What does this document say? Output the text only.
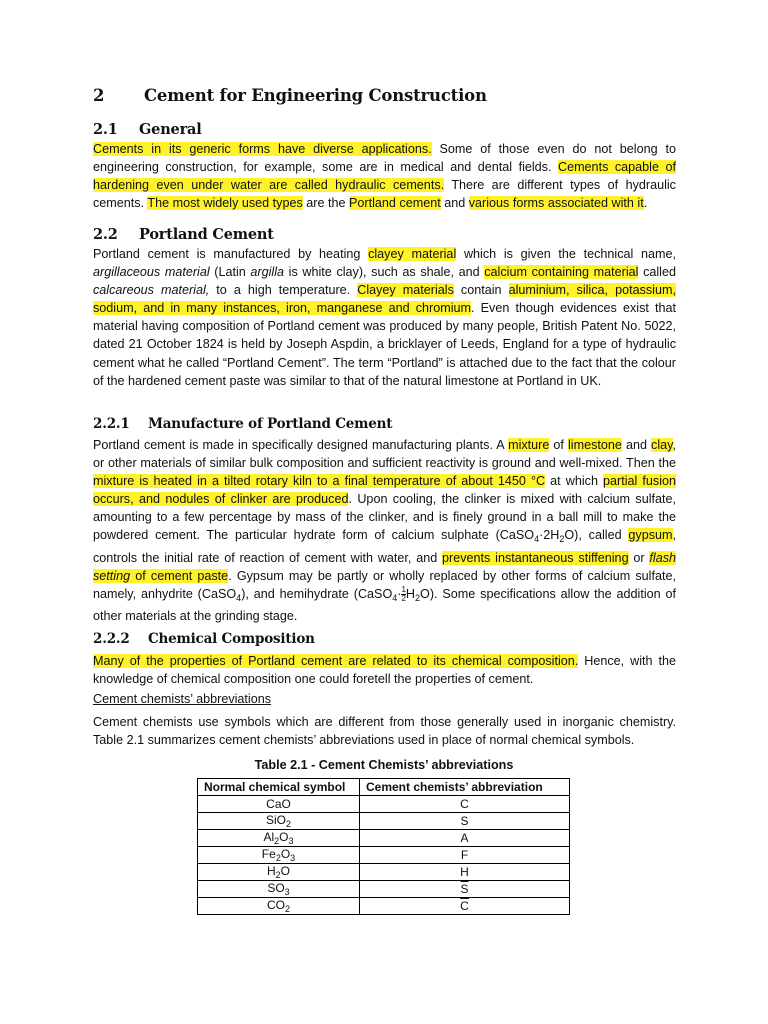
2 Cement for Engineering Construction
2.1 General
Cements in its generic forms have diverse applications. Some of those even do not belong to engineering construction, for example, some are in medical and dental fields. Cements capable of hardening even under water are called hydraulic cements. There are different types of hydraulic cements. The most widely used types are the Portland cement and various forms associated with it.
2.2 Portland Cement
Portland cement is manufactured by heating clayey material which is given the technical name, argillaceous material (Latin argilla is white clay), such as shale, and calcium containing material called calcareous material, to a high temperature. Clayey materials contain aluminium, silica, potassium, sodium, and in many instances, iron, manganese and chromium. Even though evidences exist that material having composition of Portland cement was produced by many people, British Patent No. 5022, dated 21 October 1824 is held by Joseph Aspdin, a bricklayer of Leeds, England for a type of hydraulic cement what he called “Portland Cement”. The term “Portland” is attached due to the fact that the colour of the hardened cement paste was similar to that of the natural limestone at Portland in UK.
2.2.1 Manufacture of Portland Cement
Portland cement is made in specifically designed manufacturing plants. A mixture of limestone and clay, or other materials of similar bulk composition and sufficient reactivity is ground and well-mixed. Then the mixture is heated in a tilted rotary kiln to a final temperature of about 1450 °C at which partial fusion occurs, and nodules of clinker are produced. Upon cooling, the clinker is mixed with calcium sulfate, amounting to a few percentage by mass of the clinker, and is finely ground in a ball mill to make the powdered cement. The particular hydrate form of calcium sulphate $(CaSO_4\cdot 2H_2O)$, called gypsum, controls the initial rate of reaction of cement with water, and prevents instantaneous stiffening or flash setting of cement paste. Gypsum may be partly or wholly replaced by other forms of calcium sulfate, namely, anhydrite (CaSO$_4$), and hemihydrate (CaSO$_4$· $\frac{1}{2} H_2O$). Some specifications allow the addition of other materials at the grinding stage.
2.2.2 Chemical Composition
Many of the properties of Portland cement are related to its chemical composition. Hence, with the knowledge of chemical composition one could foretell the properties of cement.
Cement chemists’ abbreviations
Cement chemists use symbols which are different from those generally used in inorganic chemistry. Table 2.1 summarizes cement chemists’ abbreviations used in place of normal chemical symbols.
Table 2.1 - Cement Chemists’ abbreviations
Normal chemical symbol	Cement chemists’ abbreviation
CaO	C
SiO$_2$	S
$Al_2O_3$	A
$Fe_2O_3$	F
$H_2O$	H
$SO_3$	$\overline{S}$
$CO_2$	$\overline{C}$
